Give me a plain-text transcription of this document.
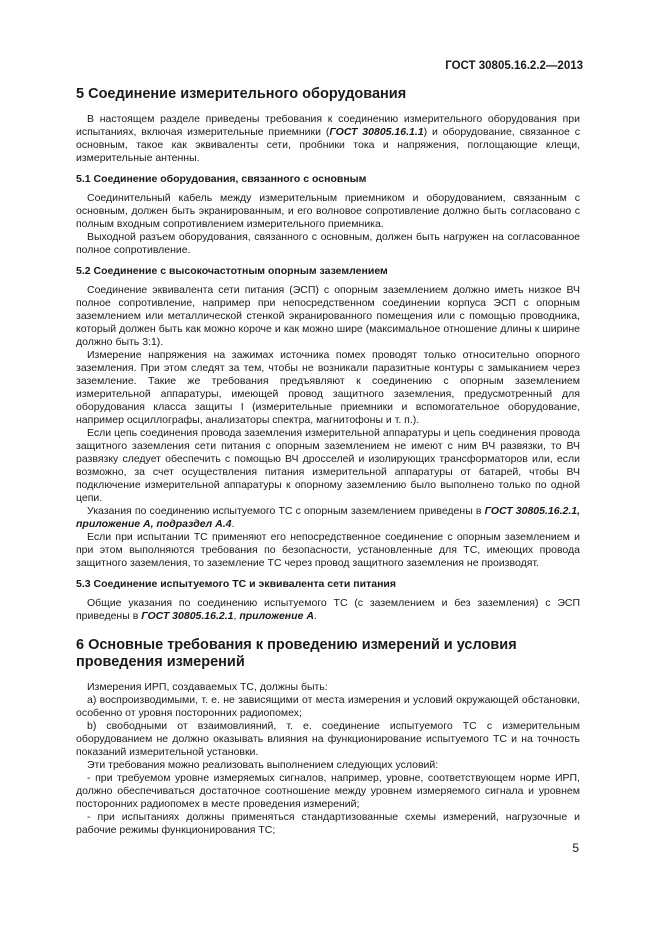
ГОСТ 30805.16.2.2—2013
5 Соединение измерительного оборудования

В настоящем разделе приведены требования к соединению измерительного оборудования при испытаниях, включая измерительные приемники (ГОСТ 30805.16.1.1) и оборудование, связанное с основным, такое как эквиваленты сети, пробники тока и напряжения, поглощающие клещи, измерительные антенны.

5.1 Соединение оборудования, связанного с основным

Соединительный кабель между измерительным приемником и оборудованием, связанным с основным, должен быть экранированным, и его волновое сопротивление должно быть согласовано с полным входным сопротивлением измерительного приемника.

Выходной разъем оборудования, связанного с основным, должен быть нагружен на согласованное полное сопротивление.

5.2 Соединение с высокочастотным опорным заземлением

Соединение эквивалента сети питания (ЭСП) с опорным заземлением должно иметь низкое ВЧ полное сопротивление, например при непосредственном соединении корпуса ЭСП с опорным заземлением или металлической стенкой экранированного помещения или с помощью проводника, который должен быть как можно короче и как можно шире (максимальное отношение длины к ширине должно быть 3:1).

Измерение напряжения на зажимах источника помех проводят только относительно опорного заземления. При этом следят за тем, чтобы не возникали паразитные контуры с замыканием через заземление. Такие же требования предъявляют к соединению с опорным заземлением измерительной аппаратуры, имеющей провод защитного заземления, предусмотренный для оборудования класса защиты I (измерительные приемники и вспомогательное оборудование, например осциллографы, анализаторы спектра, магнитофоны и т. п.).

Если цепь соединения провода заземления измерительной аппаратуры и цепь соединения провода защитного заземления сети питания с опорным заземлением не имеют с ним ВЧ развязки, то ВЧ развязку следует обеспечить с помощью ВЧ дросселей и изолирующих трансформаторов или, если возможно, за счет осуществления питания измерительной аппаратуры от батарей, чтобы ВЧ подключение измерительной аппаратуры к опорному заземлению было выполнено только по одной цепи.

Указания по соединению испытуемого ТС с опорным заземлением приведены в ГОСТ 30805.16.2.1, приложение А, подраздел А.4.

Если при испытании ТС применяют его непосредственное соединение с опорным заземлением и при этом выполняются требования по безопасности, установленные для ТС, имеющих провода защитного заземления, то заземление ТС через провод защитного заземления не производят.

5.3 Соединение испытуемого ТС и эквивалента сети питания

Общие указания по соединению испытуемого ТС (с заземлением и без заземления) с ЭСП приведены в ГОСТ 30805.16.2.1, приложение А.

6 Основные требования к проведению измерений и условия проведения измерений

Измерения ИРП, создаваемых ТС, должны быть:

а) воспроизводимыми, т. е. не зависящими от места измерения и условий окружающей обстановки, особенно от уровня посторонних радиопомех;

b) свободными от взаимовлияний, т. е. соединение испытуемого ТС с измерительным оборудованием не должно оказывать влияния на функционирование испытуемого ТС и на точность показаний измерительной установки.

Эти требования можно реализовать выполнением следующих условий:

- при требуемом уровне измеряемых сигналов, например, уровне, соответствующем норме ИРП, должно обеспечиваться достаточное соотношение между уровнем измеряемого сигнала и уровнем посторонних радиопомех в месте проведения измерений;

- при испытаниях должны применяться стандартизованные схемы измерений, нагрузочные и рабочие режимы функционирования ТС;

5
